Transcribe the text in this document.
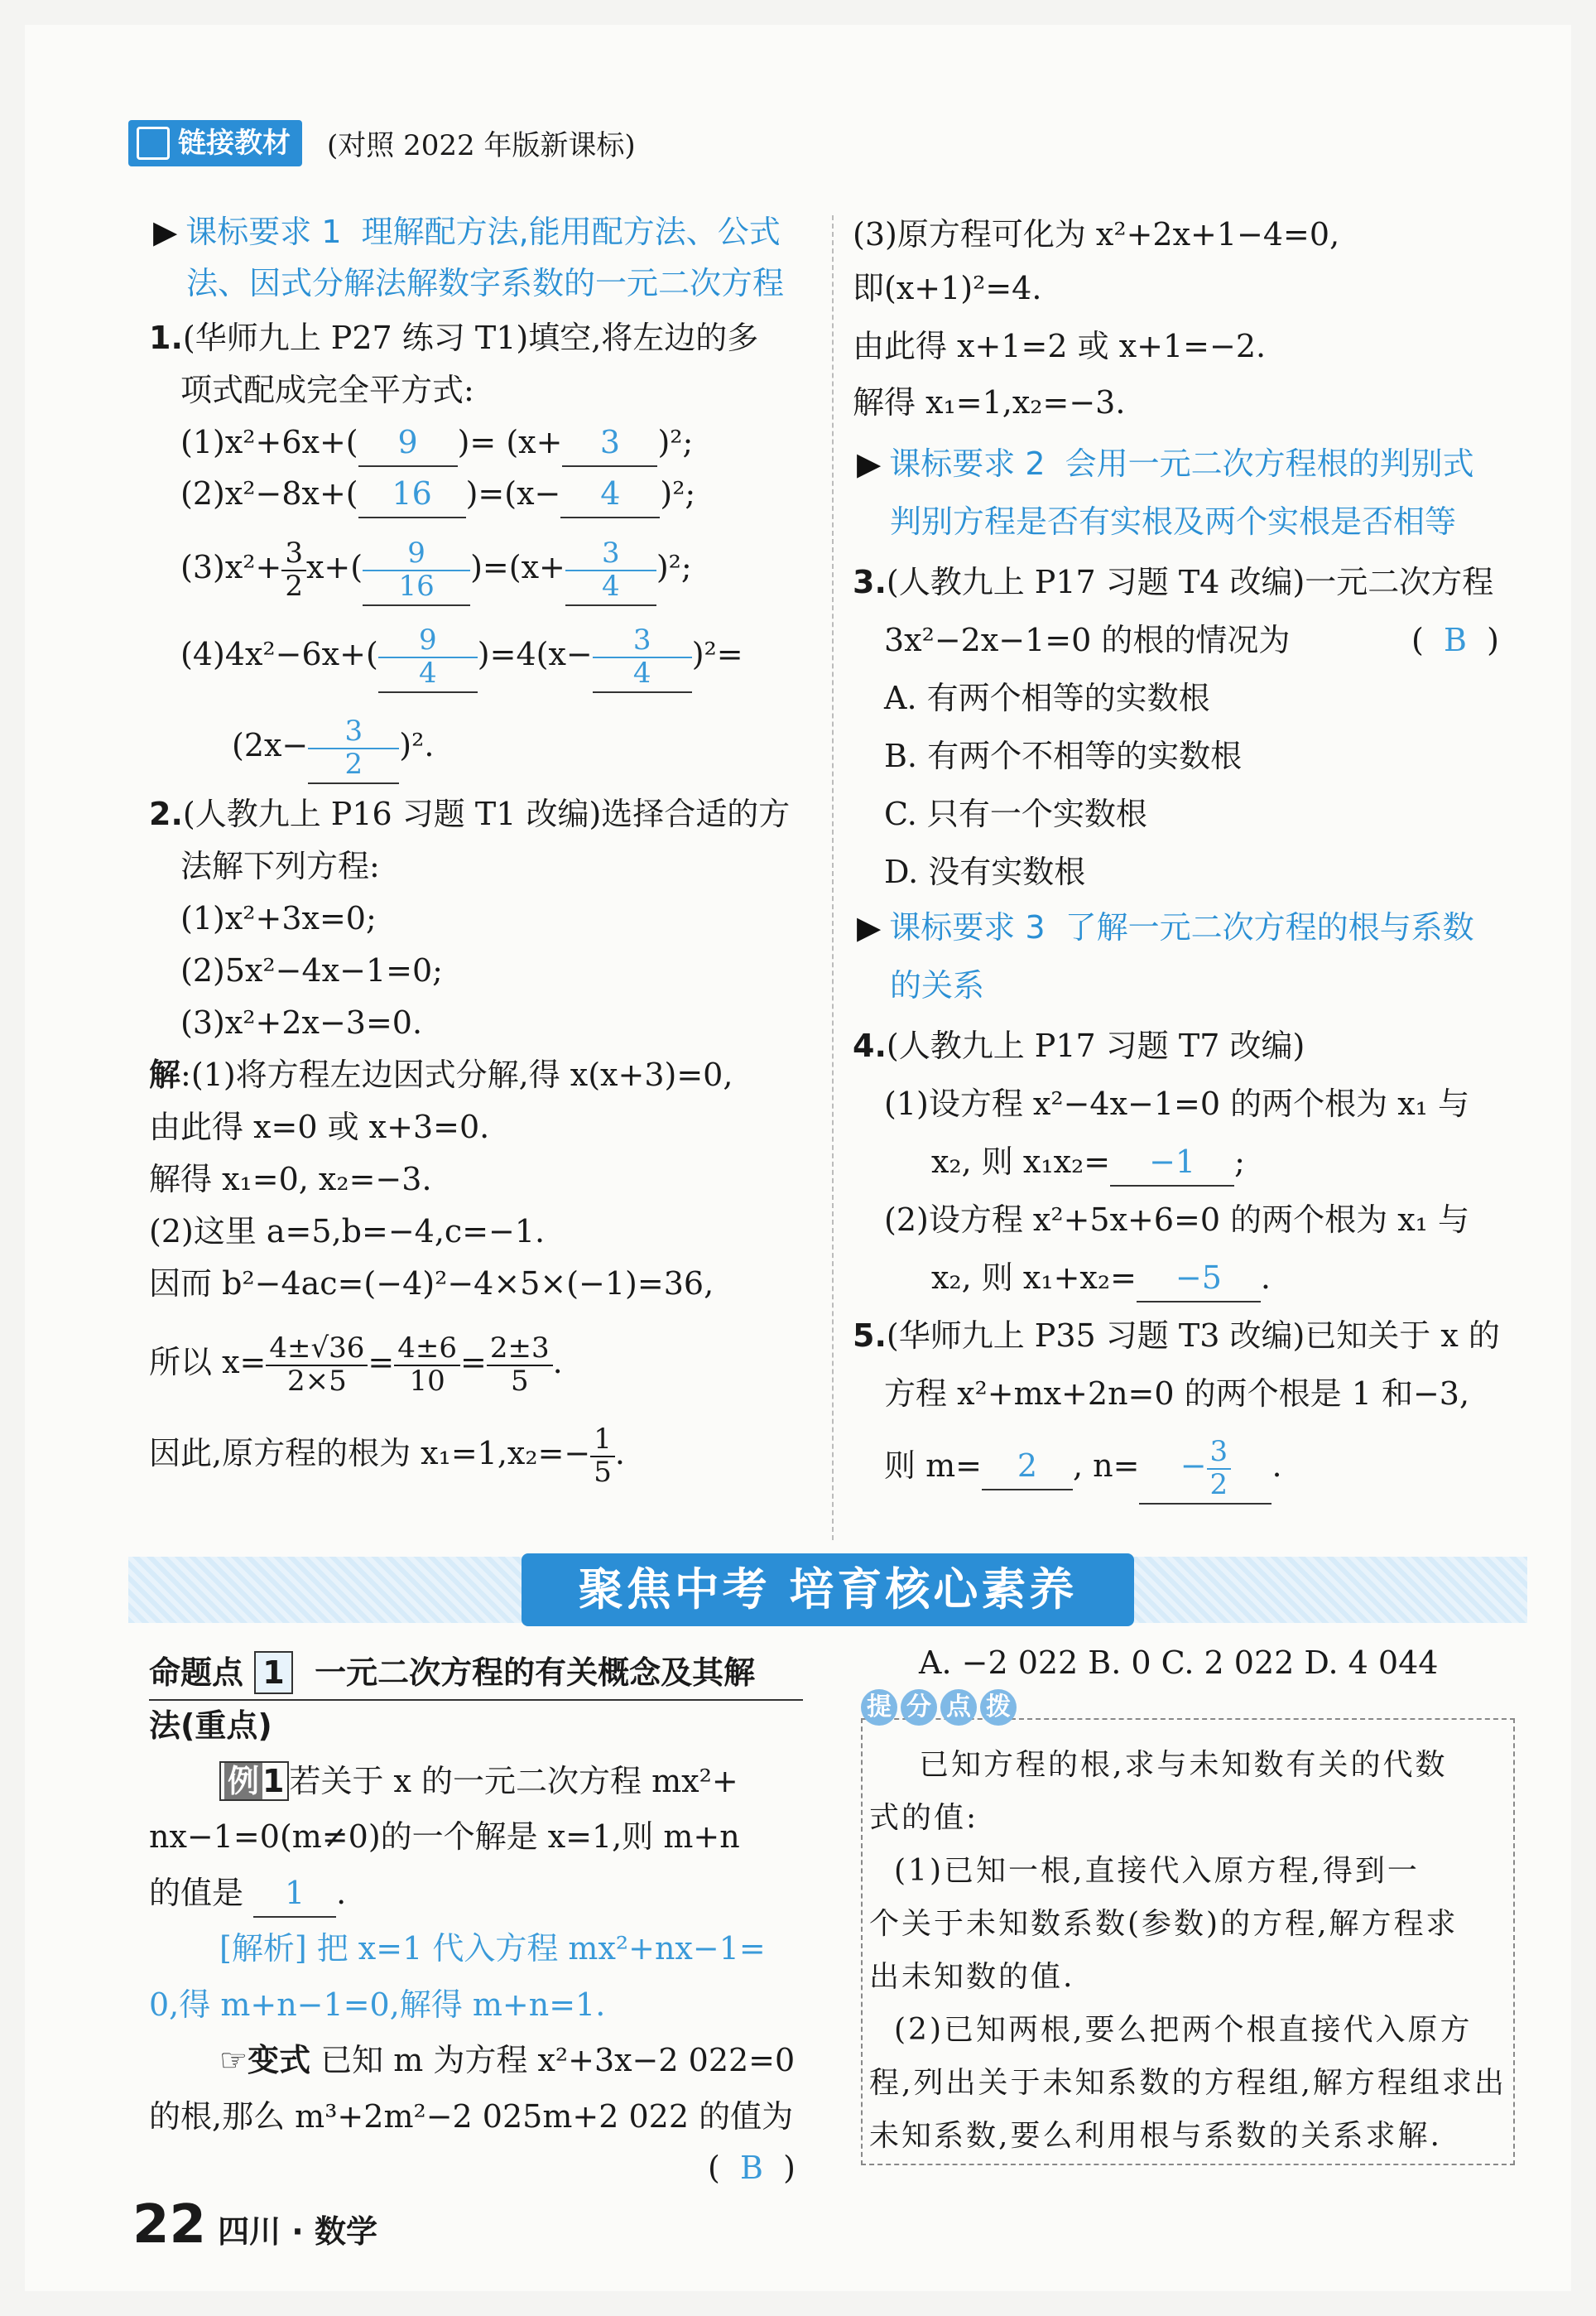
链接教材	(对照 2022 年版新课标)
▶ 课标要求 1 理解配方法,能用配方法、公式
法、因式分解法解数字系数的一元二次方程
1.(华师九上 P27 练习 T1)填空,将左边的多
项式配成完全平方式:
(1)x²+6x+( 9 )= (x+ 3 )²;
(2)x²−8x+( 16 )=(x− 4 )²;
$(3)x^2+ \frac{3}{2} x+( \frac{9}{16} )=(x+ \frac{3}{4} )^2$;
$(4)4x^2-6x+( \frac{9}{4} )=4(x- \frac{3}{4} )^2=$
$(2x- \frac{3}{2} )^2$.
2.(人教九上 P16 习题 T1 改编)选择合适的方
法解下列方程:
(1)x²+3x=0;
(2)5x²−4x−1=0;
(3)x²+2x−3=0.
解:(1)将方程左边因式分解,得 x(x+3)=0,
由此得 x=0 或 x+3=0.
解得 x₁=0, x₂=−3.
(2)这里 a=5,b=−4,c=−1.
因而 b²−4ac=(−4)²−4×5×(−1)=36,
所以 $x= \frac{4\pm√36}{2\times 5} = \frac{4\pm 6}{10} = \frac{2\pm 3}{5}$ .
因此,原方程的根为 $x_1=1,x_2=- \frac{1}{5}$ .
(3)原方程可化为 x²+2x+1−4=0,
即(x+1)²=4.
由此得 x+1=2 或 x+1=−2.
解得 x₁=1,x₂=−3.
▶ 课标要求 2 会用一元二次方程根的判别式
判别方程是否有实根及两个实根是否相等
3.(人教九上 P17 习题 T4 改编)一元二次方程
3x²−2x−1=0 的根的情况为	(  B  )
A. 有两个相等的实数根
B. 有两个不相等的实数根
C. 只有一个实数根
D. 没有实数根
▶ 课标要求 3 了解一元二次方程的根与系数
的关系
4.(人教九上 P17 习题 T7 改编)
(1)设方程 x²−4x−1=0 的两个根为 x₁ 与
x₂, 则 x₁x₂= −1 ;
(2)设方程 x²+5x+6=0 的两个根为 x₁ 与
x₂, 则 x₁+x₂= −5 .
5.(华师九上 P35 习题 T3 改编)已知关于 x 的
方程 x²+mx+2n=0 的两个根是 1 和−3,
则 m= 2 , $n= - \frac{3}{2}$ .
聚焦中考 培育核心素养
命题点 1 一元二次方程的有关概念及其解
法(重点)
例 1 若关于 x 的一元二次方程 mx²+
nx−1=0(m≠0)的一个解是 x=1,则 m+n
的值是 1 .
[解析] 把 x=1 代入方程 mx²+nx−1=
0,得 m+n−1=0,解得 m+n=1.
☞变式 已知 m 为方程 x²+3x−2 022=0
的根,那么 m³+2m²−2 025m+2 022 的值为
(  B  )
A. −2 022 B. 0 C. 2 022 D. 4 044
提 分 点 拨
已知方程的根,求与未知数有关的代数
式的值:
(1)已知一根,直接代入原方程,得到一
个关于未知数系数(参数)的方程,解方程求
出未知数的值.
(2)已知两根,要么把两个根直接代入原方
程,列出关于未知系数的方程组,解方程组求出
未知系数,要么利用根与系数的关系求解.
22 四川 · 数学
